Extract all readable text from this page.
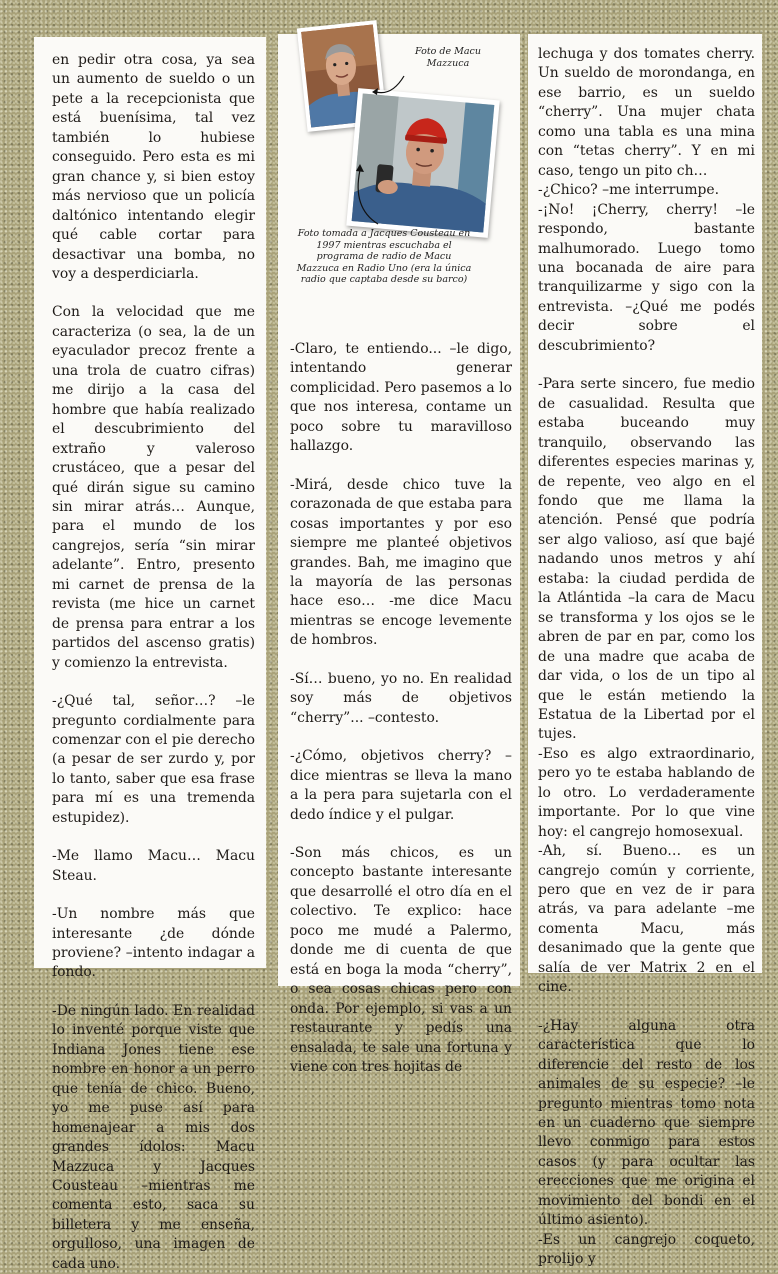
en pedir otra cosa, ya sea un aumento de sueldo o un pete a la recepcionista que está buenísima, tal vez también lo hubiese conseguido. Pero esta es mi gran chance y, si bien estoy más nervioso que un policía daltónico intentando elegir qué cable cortar para desactivar una bomba, no voy a desperdiciarla.

Con la velocidad que me caracteriza (o sea, la de un eyaculador precoz frente a una trola de cuatro cifras) me dirijo a la casa del hombre que había realizado el descubrimiento del extraño y valeroso crustáceo, que a pesar del qué dirán sigue su camino sin mirar atrás… Aunque, para el mundo de los cangrejos, sería “sin mirar adelante”. Entro, presento mi carnet de prensa de la revista (me hice un carnet de prensa para entrar a los partidos del ascenso gratis) y comienzo la entrevista.

-¿Qué tal, señor…? –le pregunto cordialmente para comenzar con el pie derecho (a pesar de ser zurdo y, por lo tanto, saber que esa frase para mí es una tremenda estupidez).

-Me llamo Macu… Macu Steau.

-Un nombre más que interesante ¿de dónde proviene? –intento indagar a fondo.

-De ningún lado. En realidad lo inventé porque viste que Indiana Jones tiene ese nombre en honor a un perro que tenía de chico. Bueno, yo me puse así para homenajear a mis dos grandes ídolos: Macu Mazzuca y Jacques Cousteau –mientras me comenta esto, saca su billetera y me enseña, orgulloso, una imagen de cada uno.

-Claro, te entiendo... –le digo, intentando generar complicidad. Pero pasemos a lo que nos interesa, contame un poco sobre tu maravilloso hallazgo.

-Mirá, desde chico tuve la corazonada de que estaba para cosas importantes y por eso siempre me planteé objetivos grandes. Bah, me imagino que la mayoría de las personas hace eso… -me dice Macu mientras se encoge levemente de hombros.

-Sí… bueno, yo no. En realidad soy más de objetivos “cherry”... –contesto.

-¿Cómo, objetivos cherry? –dice mientras se lleva la mano a la pera para sujetarla con el dedo índice y el pulgar.

-Son más chicos, es un concepto bastante interesante que desarrollé el otro día en el colectivo. Te explico: hace poco me mudé a Palermo, donde me di cuenta de que está en boga la moda “cherry”, o sea cosas chicas pero con onda. Por ejemplo, si vas a un restaurante y pedís una ensalada, te sale una fortuna y viene con tres hojitas de

lechuga y dos tomates cherry. Un sueldo de morondanga, en ese barrio, es un sueldo “cherry”. Una mujer chata como una tabla es una mina con “tetas cherry”. Y en mi caso, tengo un pito ch…

-¿Chico? –me interrumpe.

-¡No! ¡Cherry, cherry! –le respondo, bastante malhumorado. Luego tomo una bocanada de aire para tranquilizarme y sigo con la entrevista. –¿Qué me podés decir sobre el descubrimiento?

-Para serte sincero, fue medio de casualidad. Resulta que estaba buceando muy tranquilo, observando las diferentes especies marinas y, de repente, veo algo en el fondo que me llama la atención. Pensé que podría ser algo valioso, así que bajé nadando unos metros y ahí estaba: la ciudad perdida de la Atlántida –la cara de Macu se transforma y los ojos se le abren de par en par, como los de una madre que acaba de dar vida, o los de un tipo al que le están metiendo la Estatua de la Libertad por el tujes.

-Eso es algo extraordinario, pero yo te estaba hablando de lo otro. Lo verdaderamente importante. Por lo que vine hoy: el cangrejo homosexual.

-Ah, sí. Bueno… es un cangrejo común y corriente, pero que en vez de ir para atrás, va para adelante –me comenta Macu, más desanimado que la gente que salía de ver Matrix 2 en el cine.

-¿Hay alguna otra característica que lo diferencie del resto de los animales de su especie? –le pregunto mientras tomo nota en un cuaderno que siempre llevo conmigo para estos casos (y para ocultar las erecciones que me origina el movimiento del bondi en el último asiento).

-Es un cangrejo coqueto, prolijo y

Foto de Macu Mazzuca
Foto tomada a Jacques Cousteau en 1997 mientras escuchaba el programa de radio de Macu Mazzuca en Radio Uno (era la única radio que captaba desde su barco)
